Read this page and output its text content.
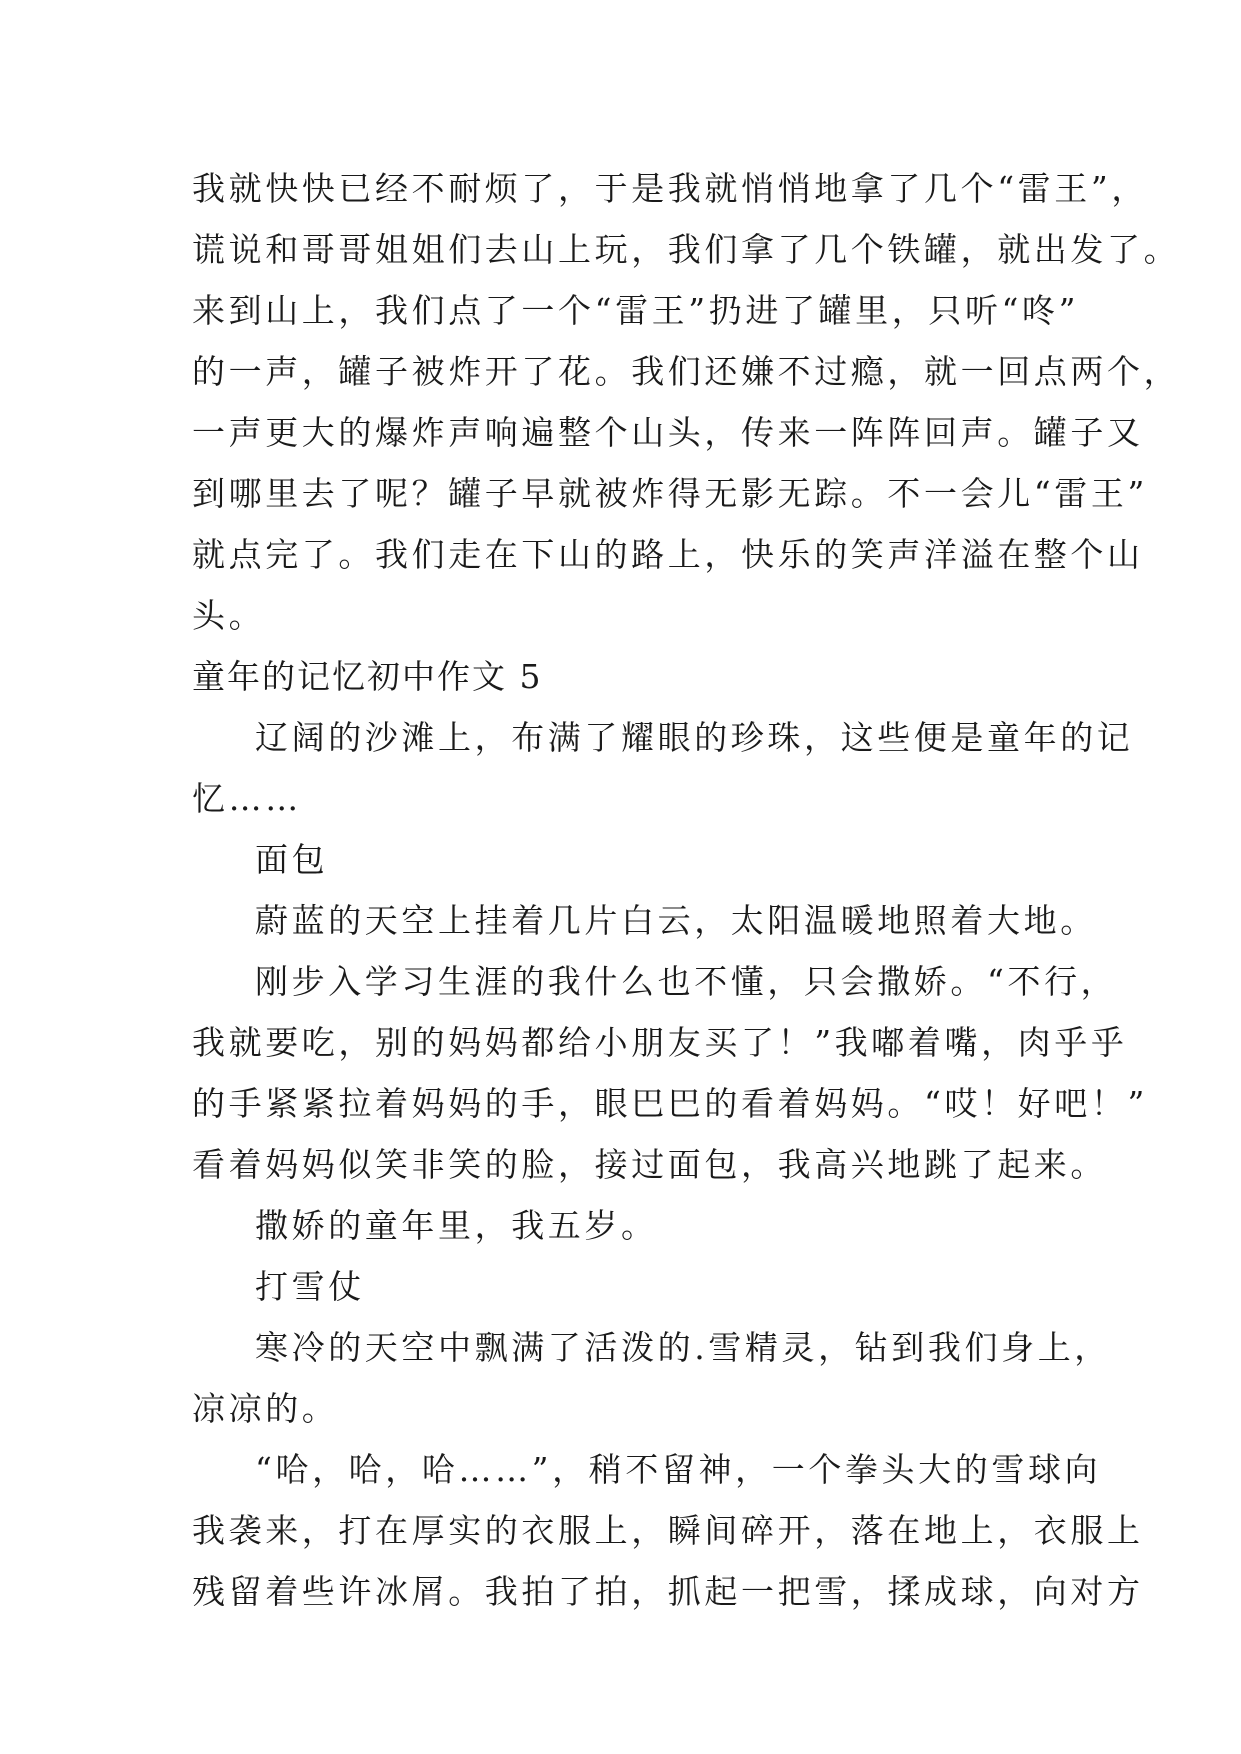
我就快快已经不耐烦了，于是我就悄悄地拿了几个“雷王”，
谎说和哥哥姐姐们去山上玩，我们拿了几个铁罐，就出发了。
来到山上，我们点了一个“雷王”扔进了罐里，只听“咚”
的一声，罐子被炸开了花。我们还嫌不过瘾，就一回点两个，
一声更大的爆炸声响遍整个山头，传来一阵阵回声。罐子又
到哪里去了呢？罐子早就被炸得无影无踪。不一会儿“雷王”
就点完了。我们走在下山的路上，快乐的笑声洋溢在整个山
头。
童年的记忆初中作文 5
辽阔的沙滩上，布满了耀眼的珍珠，这些便是童年的记
忆……
面包
蔚蓝的天空上挂着几片白云，太阳温暖地照着大地。
刚步入学习生涯的我什么也不懂，只会撒娇。“不行，
我就要吃，别的妈妈都给小朋友买了！”我嘟着嘴，肉乎乎
的手紧紧拉着妈妈的手，眼巴巴的看着妈妈。“哎！好吧！”
看着妈妈似笑非笑的脸，接过面包，我高兴地跳了起来。
撒娇的童年里，我五岁。
打雪仗
寒冷的天空中飘满了活泼的.雪精灵，钻到我们身上，
凉凉的。
“哈，哈，哈……”，稍不留神，一个拳头大的雪球向
我袭来，打在厚实的衣服上，瞬间碎开，落在地上，衣服上
残留着些许冰屑。我拍了拍，抓起一把雪，揉成球，向对方
